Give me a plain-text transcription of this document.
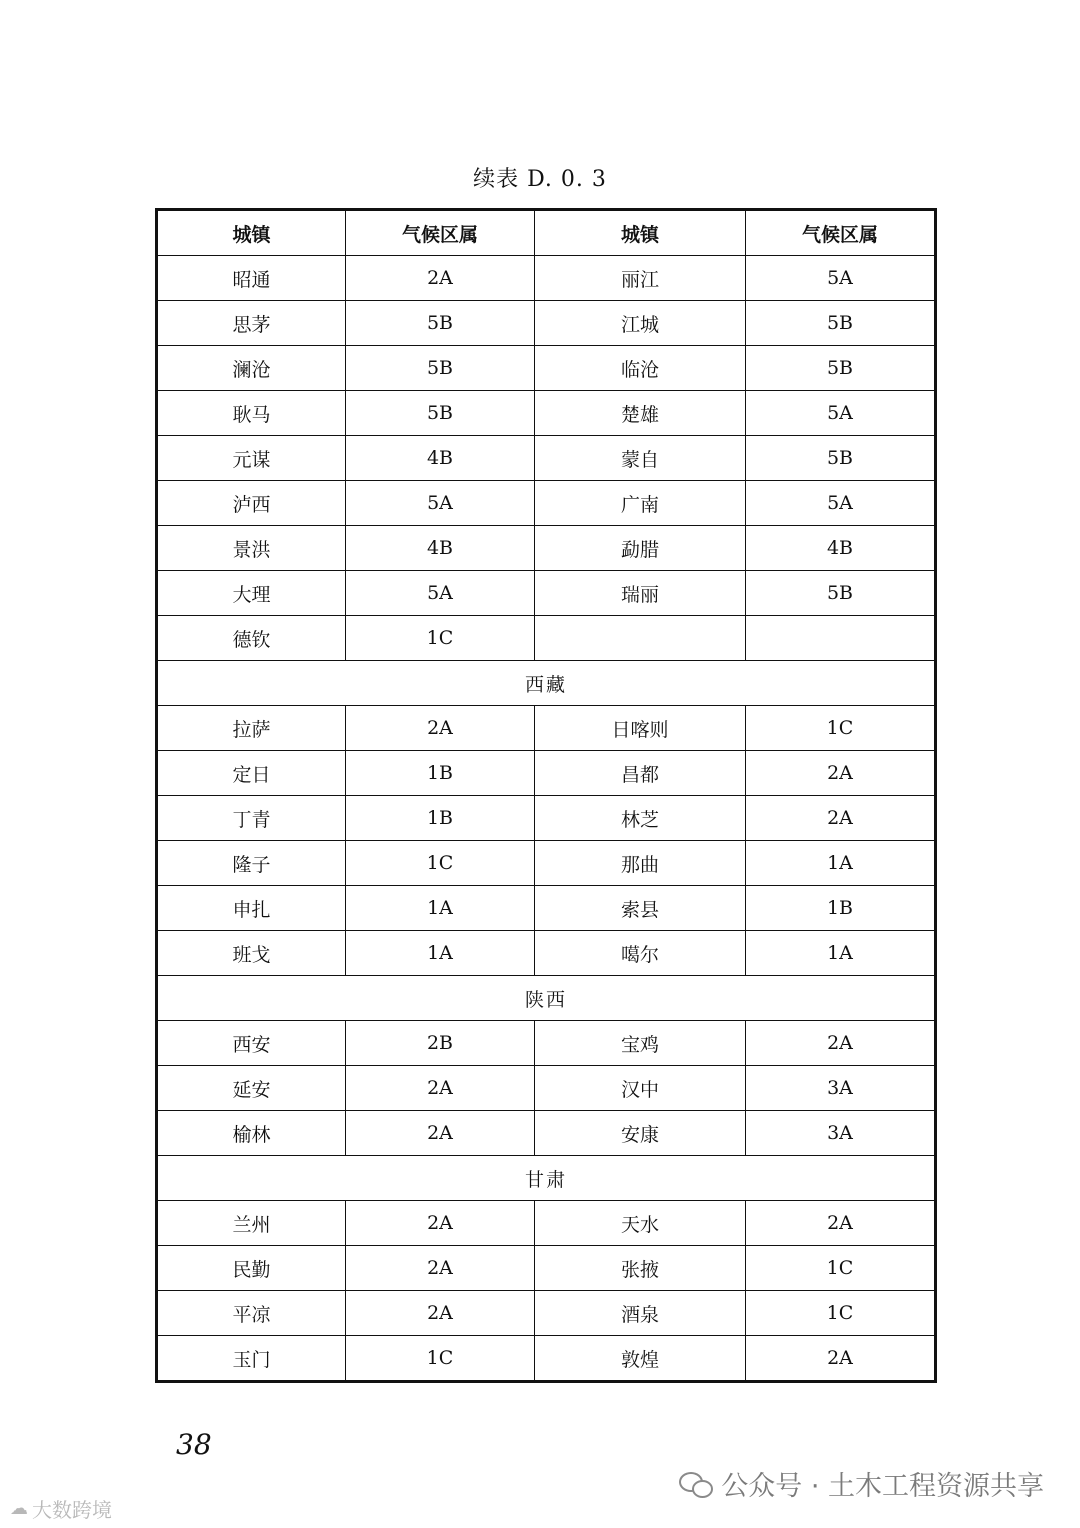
续表 D. 0. 3
城镇	气候区属	城镇	气候区属
昭通	2A	丽江	5A
思茅	5B	江城	5B
澜沧	5B	临沧	5B
耿马	5B	楚雄	5A
元谋	4B	蒙自	5B
泸西	5A	广南	5A
景洪	4B	勐腊	4B
大理	5A	瑞丽	5B
德钦	1C		
西藏			
拉萨	2A	日喀则	1C
定日	1B	昌都	2A
丁青	1B	林芝	2A
隆子	1C	那曲	1A
申扎	1A	索县	1B
班戈	1A	噶尔	1A
陕西			
西安	2B	宝鸡	2A
延安	2A	汉中	3A
榆林	2A	安康	3A
甘肃			
兰州	2A	天水	2A
民勤	2A	张掖	1C
平凉	2A	酒泉	1C
玉门	1C	敦煌	2A
38
公众号 · 土木工程资源共享
☁ 大数跨境
